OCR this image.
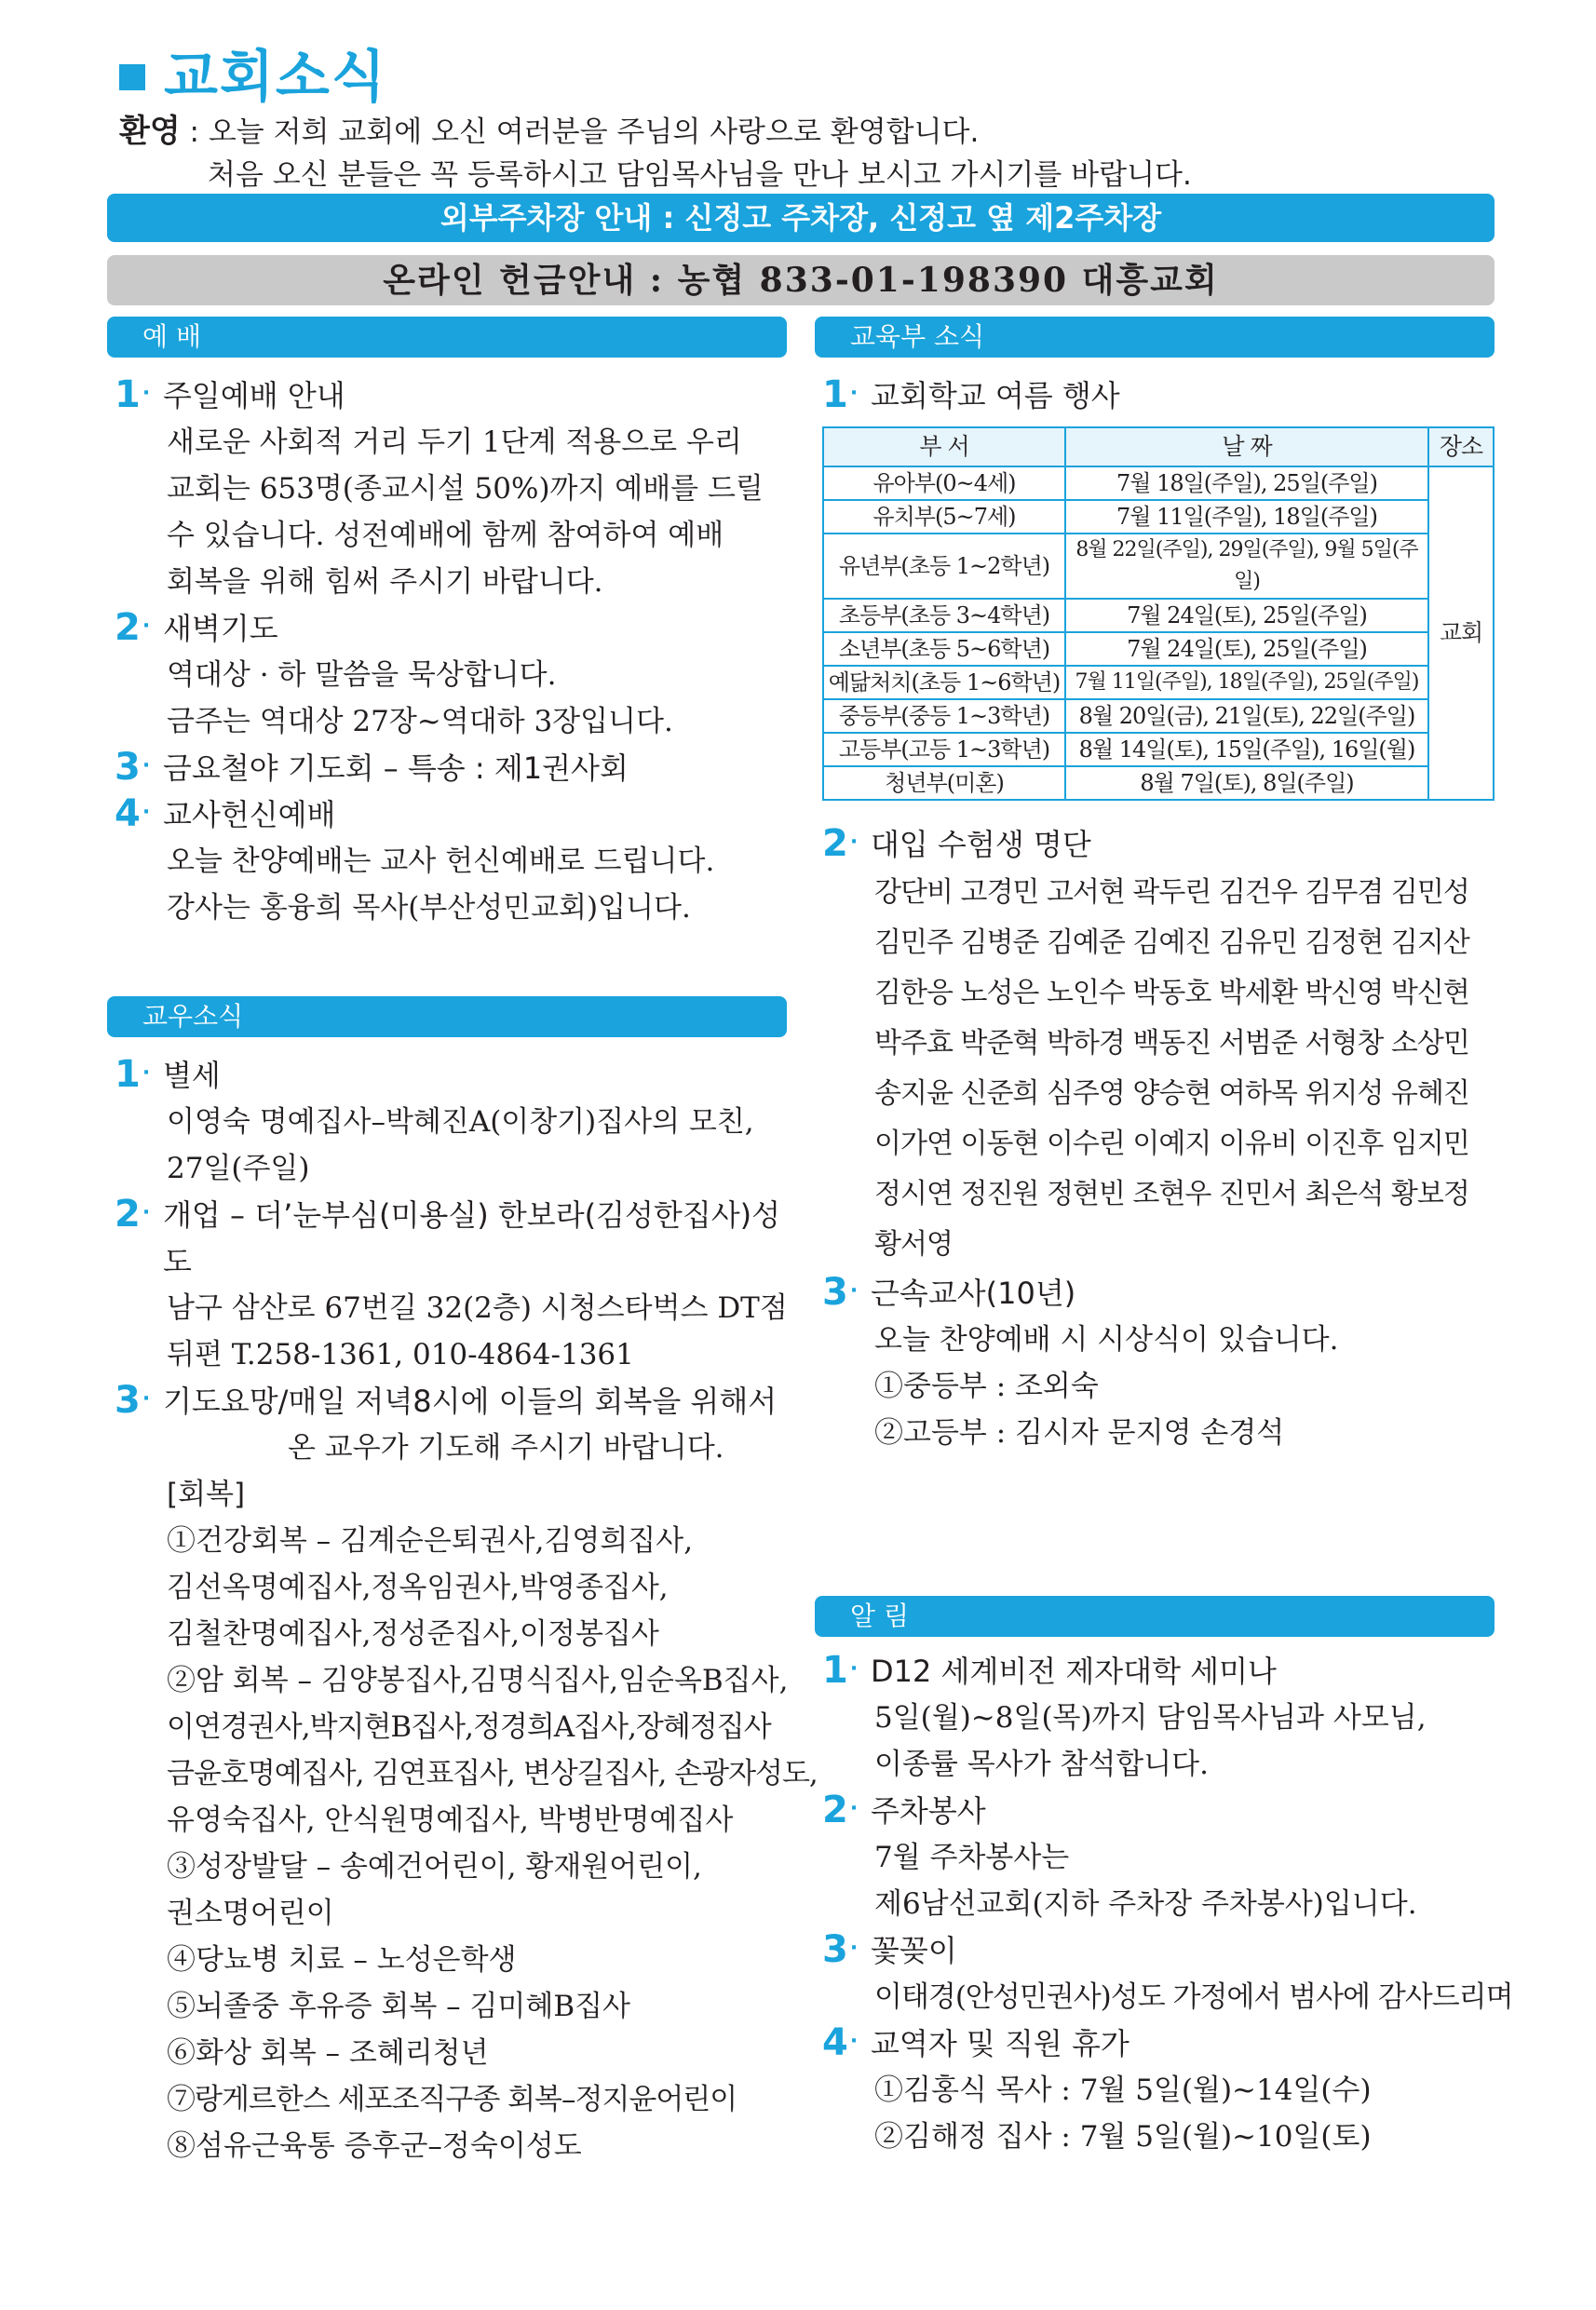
교회소식
환영 : 오늘 저희 교회에 오신 여러분을 주님의 사랑으로 환영합니다.
처음 오신 분들은 꼭 등록하시고 담임목사님을 만나 보시고 가시기를 바랍니다.
외부주차장 안내 : 신정고 주차장, 신정고 옆 제2주차장
온라인 헌금안내 : 농협 833-01-198390 대흥교회
예 배
1· 주일예배 안내
새로운 사회적 거리 두기 1단계 적용으로 우리
교회는 653명(종교시설 50%)까지 예배를 드릴
수 있습니다. 성전예배에 함께 참여하여 예배
회복을 위해 힘써 주시기 바랍니다.
2· 새벽기도
역대상 · 하 말씀을 묵상합니다.
금주는 역대상 27장~역대하 3장입니다.
3· 금요철야 기도회 – 특송 : 제1권사회
4· 교사헌신예배
오늘 찬양예배는 교사 헌신예배로 드립니다.
강사는 홍융희 목사(부산성민교회)입니다.
교우소식
1· 별세
이영숙 명예집사–박혜진A(이창기)집사의 모친,
27일(주일)
2· 개업 – 더’눈부심(미용실) 한보라(김성한집사)성도
남구 삼산로 67번길 32(2층) 시청스타벅스 DT점
뒤편 T.258-1361, 010-4864-1361
3· 기도요망/매일 저녁8시에 이들의 회복을 위해서
온 교우가 기도해 주시기 바랍니다.
[회복]
①건강회복 – 김계순은퇴권사,김영희집사,
김선옥명예집사,정옥임권사,박영종집사,
김철찬명예집사,정성준집사,이정봉집사
②암 회복 – 김양봉집사,김명식집사,임순옥B집사,
이연경권사,박지현B집사,정경희A집사,장혜정집사
금윤호명예집사, 김연표집사, 변상길집사, 손광자성도,
유영숙집사, 안식원명예집사, 박병반명예집사
③성장발달 – 송예건어린이, 황재원어린이,
권소명어린이
④당뇨병 치료 – 노성은학생
⑤뇌졸중 후유증 회복 – 김미혜B집사
⑥화상 회복 – 조혜리청년
⑦랑게르한스 세포조직구종 회복–정지윤어린이
⑧섬유근육통 증후군–정숙이성도
교육부 소식
1· 교회학교 여름 행사
부 서	날 짜	장소
유아부(0~4세)	7월 18일(주일), 25일(주일)	교회
유치부(5~7세)	7월 11일(주일), 18일(주일)	
유년부(초등 1~2학년)	8월 22일(주일), 29일(주일), 9월 5일(주일)	
초등부(초등 3~4학년)	7월 24일(토), 25일(주일)	
소년부(초등 5~6학년)	7월 24일(토), 25일(주일)	
예닮처치(초등 1~6학년)	7월 11일(주일), 18일(주일), 25일(주일)	
중등부(중등 1~3학년)	8월 20일(금), 21일(토), 22일(주일)	
고등부(고등 1~3학년)	8월 14일(토), 15일(주일), 16일(월)	
청년부(미혼)	8월 7일(토), 8일(주일)	
2· 대입 수험생 명단
강단비 고경민 고서현 곽두린 김건우 김무겸 김민성
김민주 김병준 김예준 김예진 김유민 김정현 김지산
김한응 노성은 노인수 박동호 박세환 박신영 박신현
박주효 박준혁 박하경 백동진 서범준 서형창 소상민
송지윤 신준희 심주영 양승현 여하목 위지성 유혜진
이가연 이동현 이수린 이예지 이유비 이진후 임지민
정시연 정진원 정현빈 조현우 진민서 최은석 황보정
황서영
3· 근속교사(10년)
오늘 찬양예배 시 시상식이 있습니다.
①중등부 : 조외숙
②고등부 : 김시자 문지영 손경석
알 림
1· D12 세계비전 제자대학 세미나
5일(월)~8일(목)까지 담임목사님과 사모님,
이종률 목사가 참석합니다.
2· 주차봉사
7월 주차봉사는
제6남선교회(지하 주차장 주차봉사)입니다.
3· 꽃꽂이
이태경(안성민권사)성도 가정에서 범사에 감사드리며
4· 교역자 및 직원 휴가
①김홍식 목사 : 7월 5일(월)~14일(수)
②김해정 집사 : 7월 5일(월)~10일(토)
